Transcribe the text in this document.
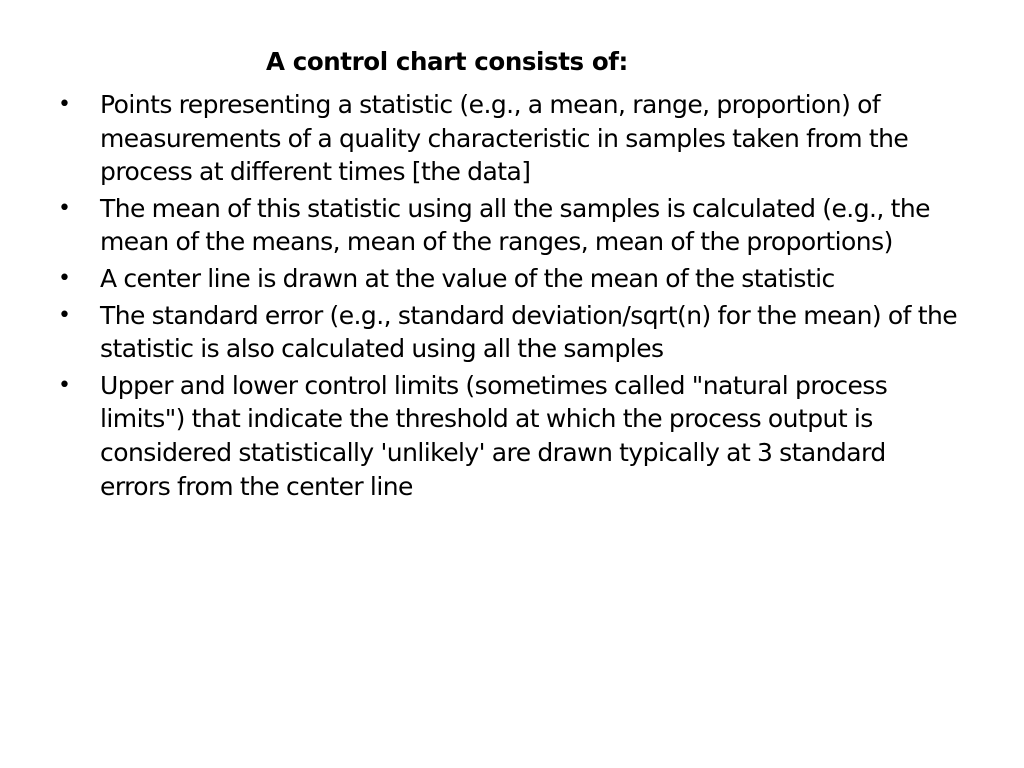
A control chart consists of:
•	Points representing a statistic (e.g., a mean, range, proportion) of measurements of a quality characteristic in samples taken from the process at different times [the data]
•	The mean of this statistic using all the samples is calculated (e.g., the mean of the means, mean of the ranges, mean of the proportions)
•	A center line is drawn at the value of the mean of the statistic
•	The standard error (e.g., standard deviation/sqrt(n) for the mean) of the statistic is also calculated using all the samples
•	Upper and lower control limits (sometimes called "natural process limits") that indicate the threshold at which the process output is considered statistically 'unlikely' are drawn typically at 3 standard errors from the center line
